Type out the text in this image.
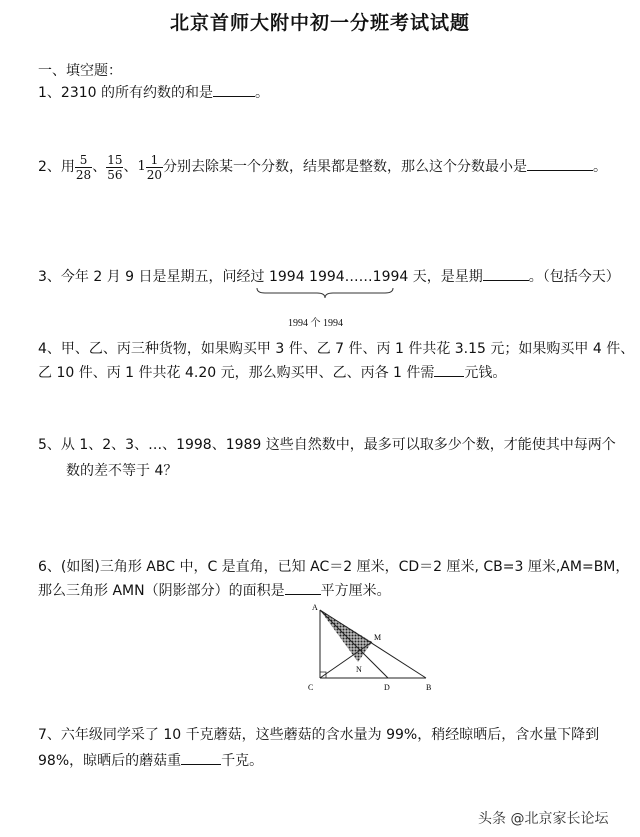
北京首师大附中初一分班考试试题
一、填空题：
1、2310 的所有约数的和是	。
2、用 $\frac{5}{28}$ 、 $\frac{15}{56}$ 、$1 \frac{1}{20}$ 分别去除某一个分数，结果都是整数，那么这个分数最小是	。
3、今年 2 月 9 日是星期五，问经过 1994 1994……1994 天，是星期	。（包括今天）
1994 个 1994
4、甲、乙、丙三种货物，如果购买甲 3 件、乙 7 件、丙 1 件共花 3.15 元；如果购买甲 4 件、
乙 10 件、丙 1 件共花 4.20 元，那么购买甲、乙、丙各 1 件需 元钱。
5、从 1、2、3、…、1998、1989 这些自然数中，最多可以取多少个数，才能使其中每两个
数的差不等于 4？
6、(如图)三角形 ABC 中，C 是直角，已知 AC＝2 厘米，CD＝2 厘米, CB=3 厘米,AM=BM，
那么三角形 AMN（阴影部分）的面积是	平方厘米。
A
M
N
C	D	B
7、六年级同学采了 10 千克蘑菇，这些蘑菇的含水量为 99%，稍经晾晒后，含水量下降到
98%，晾晒后的蘑菇重	千克。
头条 @北京家长论坛
